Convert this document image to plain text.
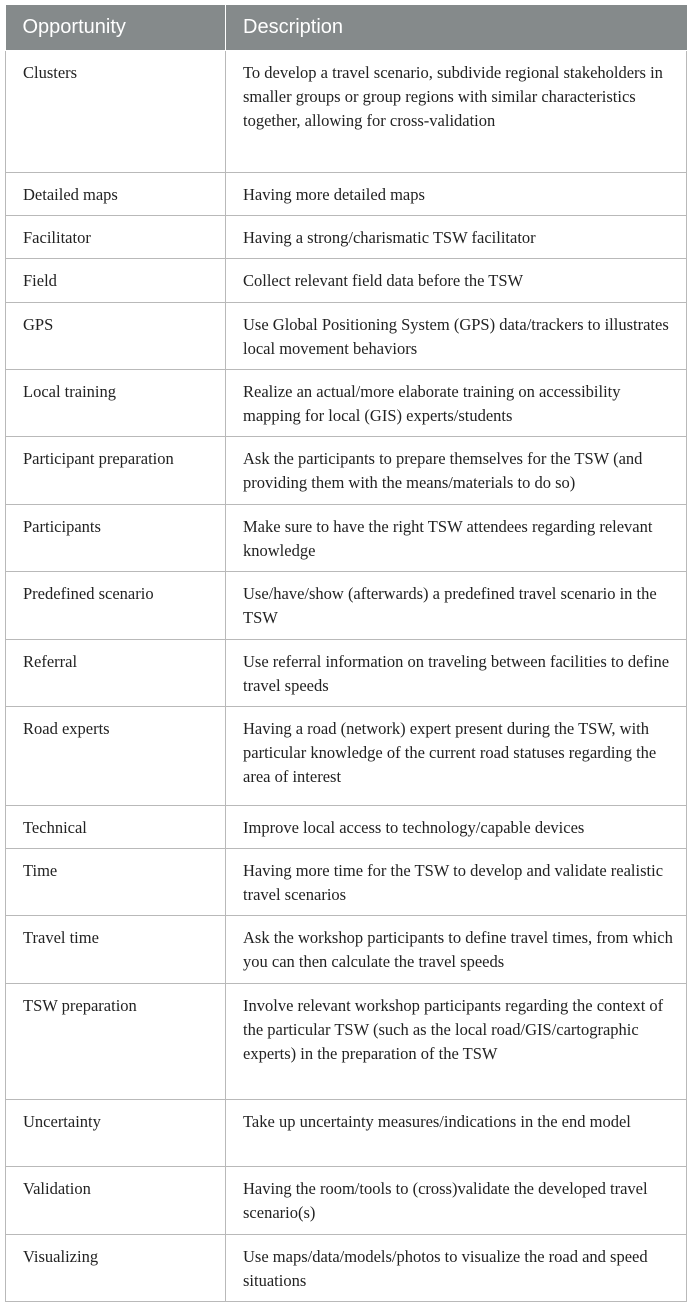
Opportunity	Description
Clusters	To develop a travel scenario, subdivide regional stakeholders in smaller groups or group regions with similar characteristics together, allowing for cross-validation
Detailed maps	Having more detailed maps
Facilitator	Having a strong/charismatic TSW facilitator
Field	Collect relevant field data before the TSW
GPS	Use Global Positioning System (GPS) data/trackers to illustrates local movement behaviors
Local training	Realize an actual/more elaborate training on accessibility mapping for local (GIS) experts/students
Participant preparation	Ask the participants to prepare themselves for the TSW (and providing them with the means/materials to do so)
Participants	Make sure to have the right TSW attendees regarding relevant knowledge
Predefined scenario	Use/have/show (afterwards) a predefined travel scenario in the TSW
Referral	Use referral information on traveling between facilities to define travel speeds
Road experts	Having a road (network) expert present during the TSW, with particular knowledge of the current road statuses regarding the area of interest
Technical	Improve local access to technology/capable devices
Time	Having more time for the TSW to develop and validate realistic travel scenarios
Travel time	Ask the workshop participants to define travel times, from which you can then calculate the travel speeds
TSW preparation	Involve relevant workshop participants regarding the context of the particular TSW (such as the local road/GIS/cartographic experts) in the preparation of the TSW
Uncertainty	Take up uncertainty measures/indications in the end model
Validation	Having the room/tools to (cross)validate the developed travel scenario(s)
Visualizing	Use maps/data/models/photos to visualize the road and speed situations
